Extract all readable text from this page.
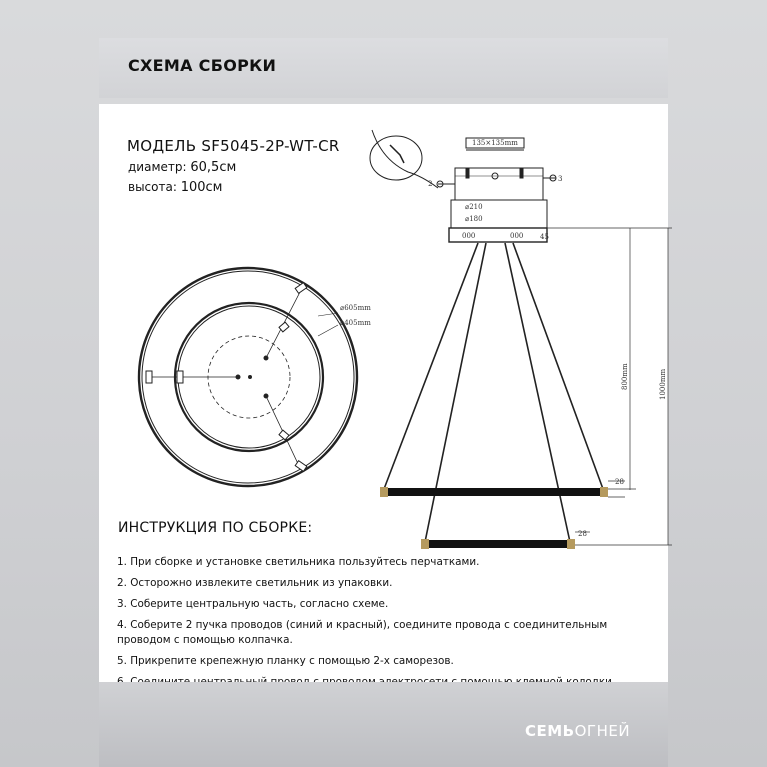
СХЕМА СБОРКИ
МОДЕЛЬ SF5045-2P-WT-CR
диаметр: 60,5см
высота: 100см
⌀605mm
⌀405mm
135×135mm
⌀210
⌀180
45
000	000
2
3
800mm	1000mm
28
28
ИНСТРУКЦИЯ ПО СБОРКЕ:
1. При сборке и установке светильника пользуйтесь перчатками.
2. Осторожно извлеките светильник из упаковки.
3. Соберите центральную часть, согласно схеме.
4. Соберите 2 пучка проводов (синий и красный), соедините провода с соединительным проводом с помощью колпачка.
5. Прикрепите крепежную планку с помощью 2-х саморезов.
СЕМЬОГНЕЙ
